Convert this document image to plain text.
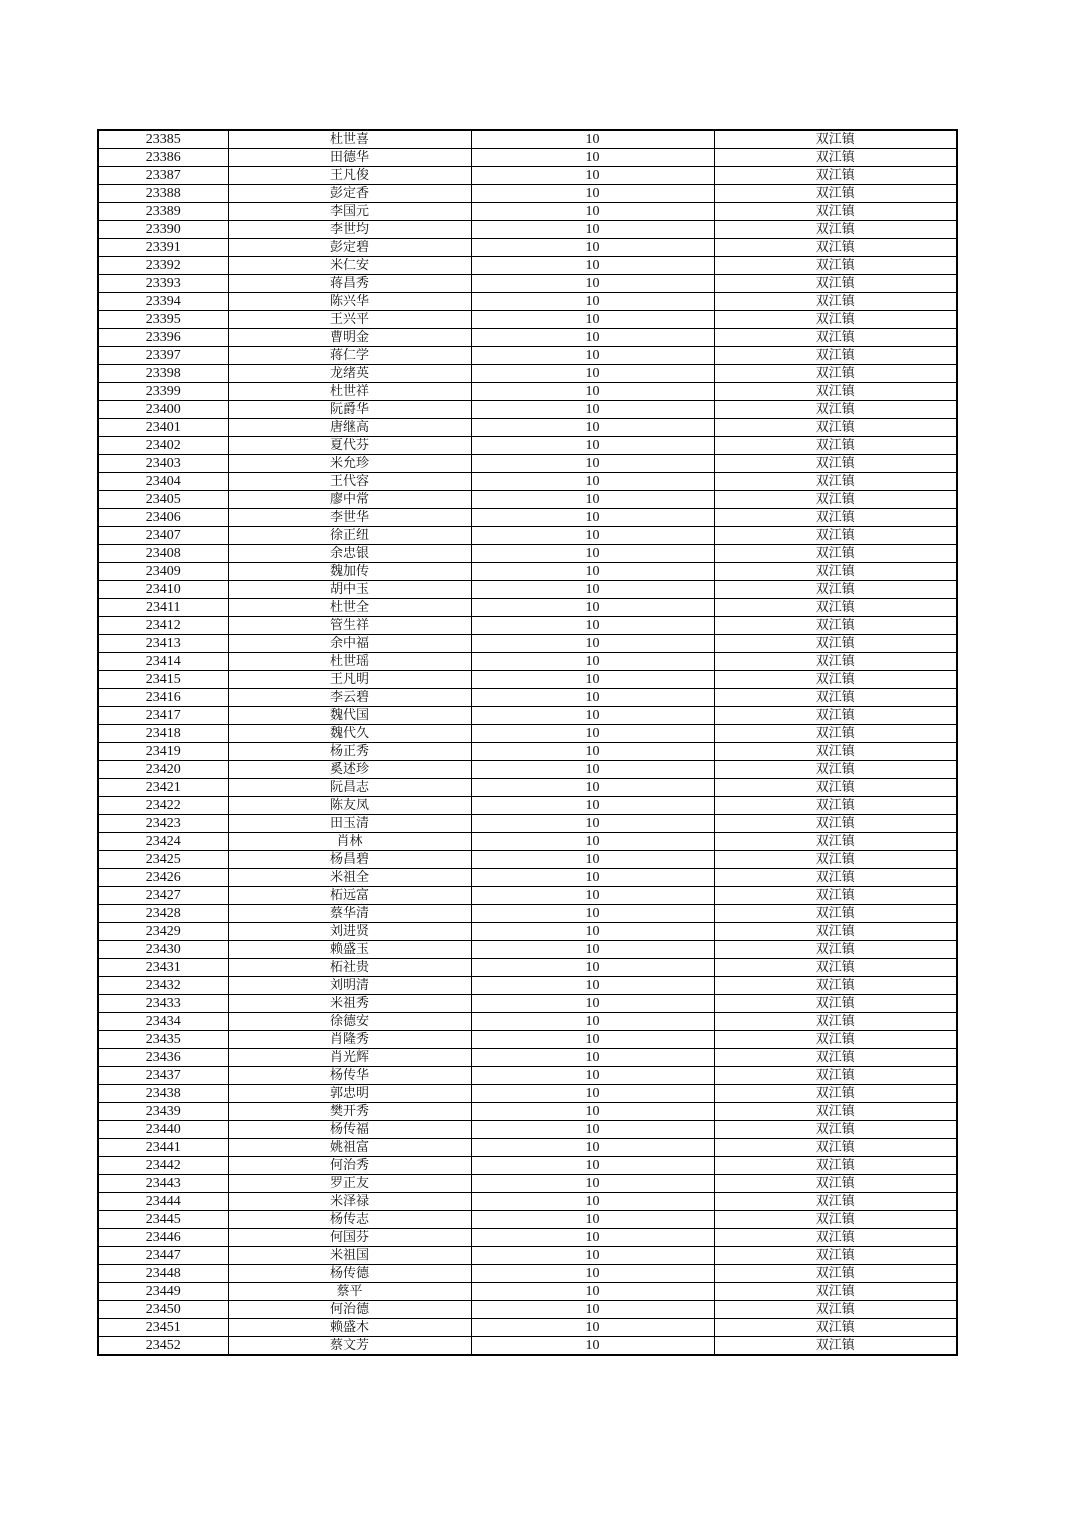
23385	杜世喜	10	双江镇
23386	田德华	10	双江镇
23387	王凡俊	10	双江镇
23388	彭定香	10	双江镇
23389	李国元	10	双江镇
23390	李世均	10	双江镇
23391	彭定碧	10	双江镇
23392	米仁安	10	双江镇
23393	蒋昌秀	10	双江镇
23394	陈兴华	10	双江镇
23395	王兴平	10	双江镇
23396	曹明金	10	双江镇
23397	蒋仁学	10	双江镇
23398	龙绪英	10	双江镇
23399	杜世祥	10	双江镇
23400	阮爵华	10	双江镇
23401	唐继高	10	双江镇
23402	夏代芬	10	双江镇
23403	米允珍	10	双江镇
23404	王代容	10	双江镇
23405	廖中常	10	双江镇
23406	李世华	10	双江镇
23407	徐正纽	10	双江镇
23408	余忠银	10	双江镇
23409	魏加传	10	双江镇
23410	胡中玉	10	双江镇
23411	杜世全	10	双江镇
23412	管生祥	10	双江镇
23413	余中福	10	双江镇
23414	杜世瑶	10	双江镇
23415	王凡明	10	双江镇
23416	李云碧	10	双江镇
23417	魏代国	10	双江镇
23418	魏代久	10	双江镇
23419	杨正秀	10	双江镇
23420	奚述珍	10	双江镇
23421	阮昌志	10	双江镇
23422	陈友凤	10	双江镇
23423	田玉清	10	双江镇
23424	肖林	10	双江镇
23425	杨昌碧	10	双江镇
23426	米祖全	10	双江镇
23427	柘远富	10	双江镇
23428	蔡华清	10	双江镇
23429	刘进贤	10	双江镇
23430	赖盛玉	10	双江镇
23431	柘社贵	10	双江镇
23432	刘明清	10	双江镇
23433	米祖秀	10	双江镇
23434	徐德安	10	双江镇
23435	肖隆秀	10	双江镇
23436	肖光辉	10	双江镇
23437	杨传华	10	双江镇
23438	郭忠明	10	双江镇
23439	樊开秀	10	双江镇
23440	杨传福	10	双江镇
23441	姚祖富	10	双江镇
23442	何治秀	10	双江镇
23443	罗正友	10	双江镇
23444	米泽禄	10	双江镇
23445	杨传志	10	双江镇
23446	何国芬	10	双江镇
23447	米祖国	10	双江镇
23448	杨传德	10	双江镇
23449	蔡平	10	双江镇
23450	何治德	10	双江镇
23451	赖盛木	10	双江镇
23452	蔡文芳	10	双江镇
